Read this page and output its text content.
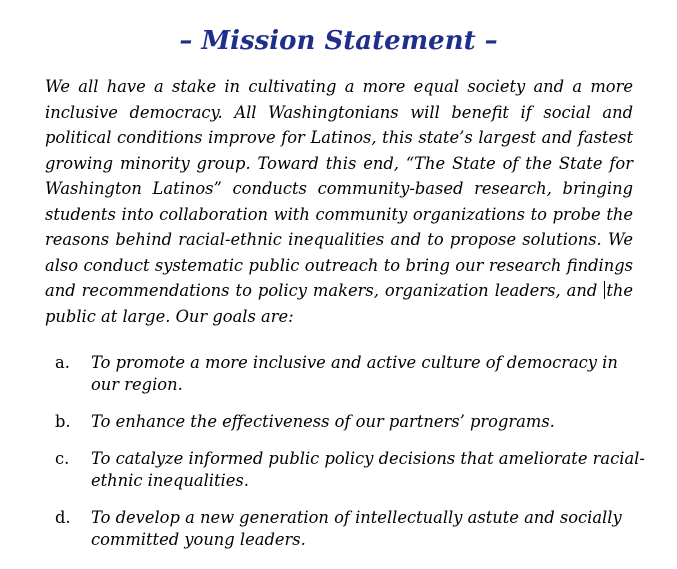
– Mission Statement –

We all have a stake in cultivating a more equal society and a more inclusive democracy. All Washingtonians will benefit if social and political conditions improve for Latinos, this state’s largest and fastest growing minority group. Toward this end, “The State of the State for Washington Latinos” conducts community-based research, bringing students into collaboration with community organizations to probe the reasons behind racial-ethnic inequalities and to propose solutions. We also conduct systematic public outreach to bring our research findings and recommendations to policy makers, organization leaders, and the public at large. Our goals are:

a. To promote a more inclusive and active culture of democracy in our region.
b. To enhance the effectiveness of our partners’ programs.
c. To catalyze informed public policy decisions that ameliorate racial-ethnic inequalities.
d. To develop a new generation of intellectually astute and socially committed young leaders.
